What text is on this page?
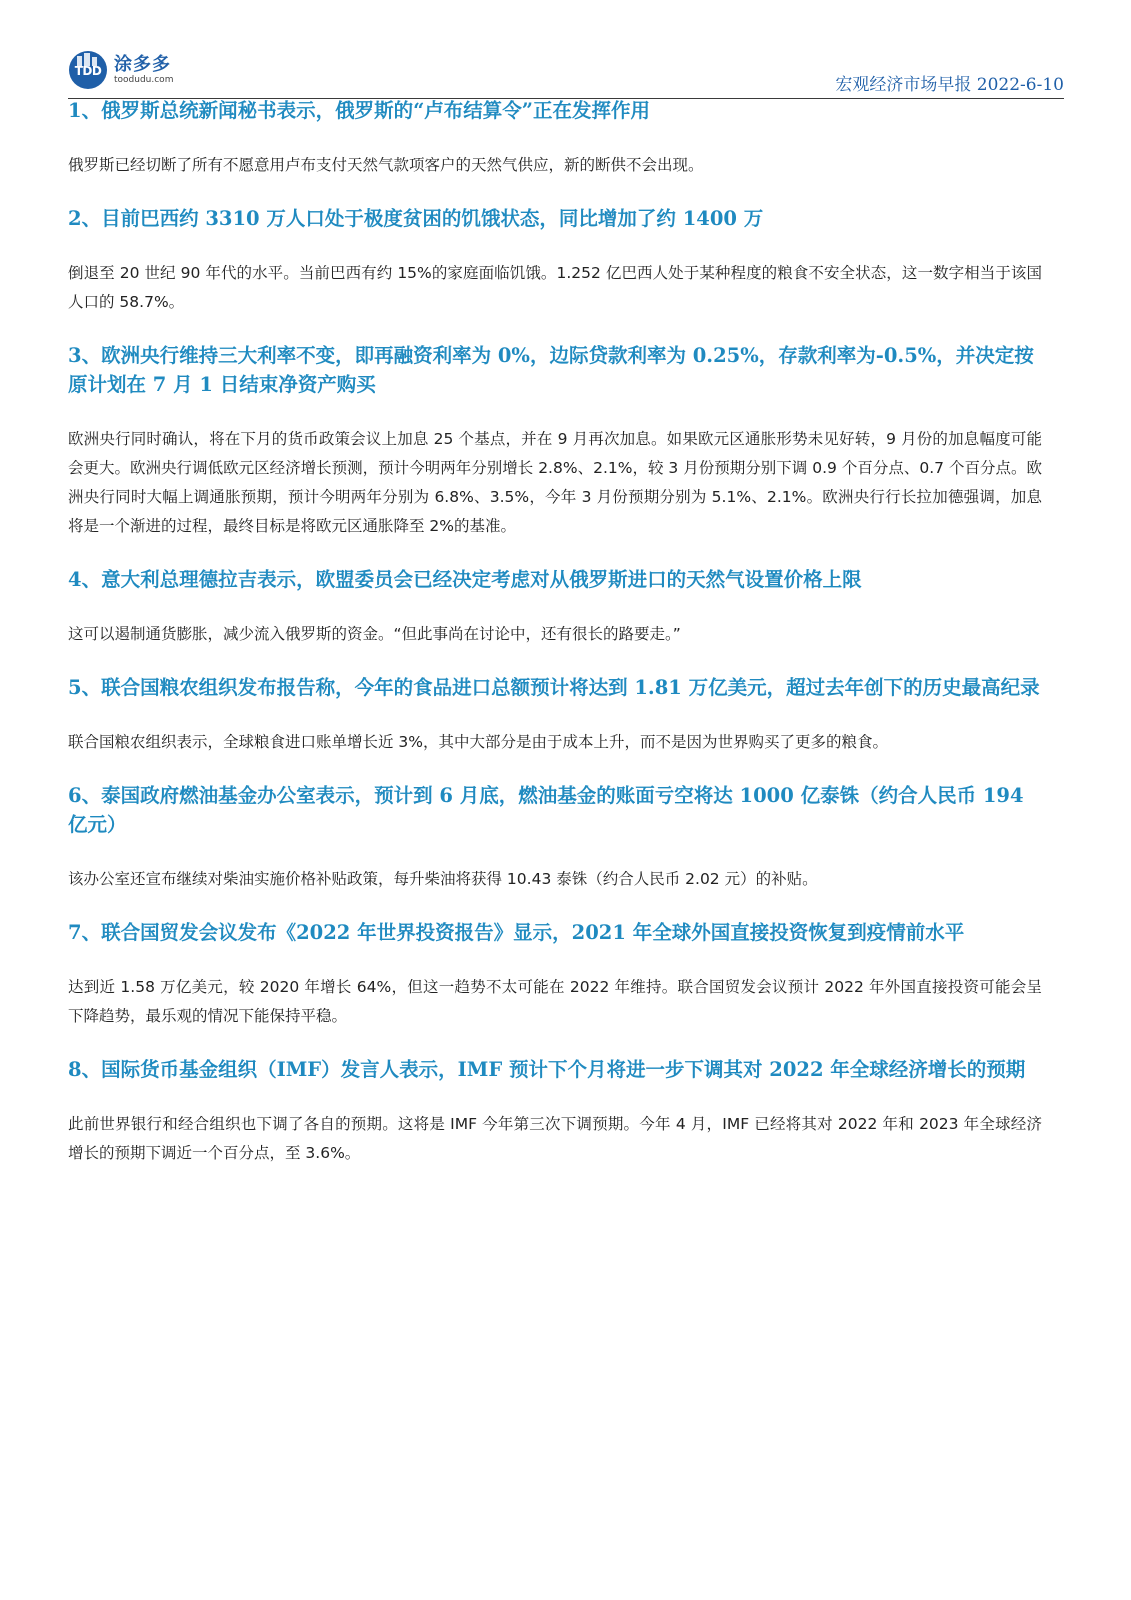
TDD 涂多多
toodudu.com	宏观经济市场早报 2022-6-10

1、俄罗斯总统新闻秘书表示，俄罗斯的“卢布结算令”正在发挥作用

俄罗斯已经切断了所有不愿意用卢布支付天然气款项客户的天然气供应，新的断供不会出现。

2、目前巴西约 3310 万人口处于极度贫困的饥饿状态，同比增加了约 1400 万

倒退至 20 世纪 90 年代的水平。当前巴西有约 15%的家庭面临饥饿。1.252 亿巴西人处于某种程度的粮食不安全状态，这一数字相当于该国人口的 58.7%。

3、欧洲央行维持三大利率不变，即再融资利率为 0%，边际贷款利率为 0.25%，存款利率为-0.5%，并决定按原计划在 7 月 1 日结束净资产购买

欧洲央行同时确认，将在下月的货币政策会议上加息 25 个基点，并在 9 月再次加息。如果欧元区通胀形势未见好转，9 月份的加息幅度可能会更大。欧洲央行调低欧元区经济增长预测，预计今明两年分别增长 2.8%、2.1%，较 3 月份预期分别下调 0.9 个百分点、0.7 个百分点。欧洲央行同时大幅上调通胀预期，预计今明两年分别为 6.8%、3.5%，今年 3 月份预期分别为 5.1%、2.1%。欧洲央行行长拉加德强调，加息将是一个渐进的过程，最终目标是将欧元区通胀降至 2%的基准。

4、意大利总理德拉吉表示，欧盟委员会已经决定考虑对从俄罗斯进口的天然气设置价格上限

这可以遏制通货膨胀，减少流入俄罗斯的资金。“但此事尚在讨论中，还有很长的路要走。”

5、联合国粮农组织发布报告称，今年的食品进口总额预计将达到 1.81 万亿美元，超过去年创下的历史最高纪录

联合国粮农组织表示，全球粮食进口账单增长近 3%，其中大部分是由于成本上升，而不是因为世界购买了更多的粮食。

6、泰国政府燃油基金办公室表示，预计到 6 月底，燃油基金的账面亏空将达 1000 亿泰铢（约合人民币 194 亿元）

该办公室还宣布继续对柴油实施价格补贴政策，每升柴油将获得 10.43 泰铢（约合人民币 2.02 元）的补贴。

7、联合国贸发会议发布《2022 年世界投资报告》显示，2021 年全球外国直接投资恢复到疫情前水平

达到近 1.58 万亿美元，较 2020 年增长 64%，但这一趋势不太可能在 2022 年维持。联合国贸发会议预计 2022 年外国直接投资可能会呈下降趋势，最乐观的情况下能保持平稳。

8、国际货币基金组织（IMF）发言人表示，IMF 预计下个月将进一步下调其对 2022 年全球经济增长的预期

此前世界银行和经合组织也下调了各自的预期。这将是 IMF 今年第三次下调预期。今年 4 月，IMF 已经将其对 2022 年和 2023 年全球经济增长的预期下调近一个百分点，至 3.6%。
